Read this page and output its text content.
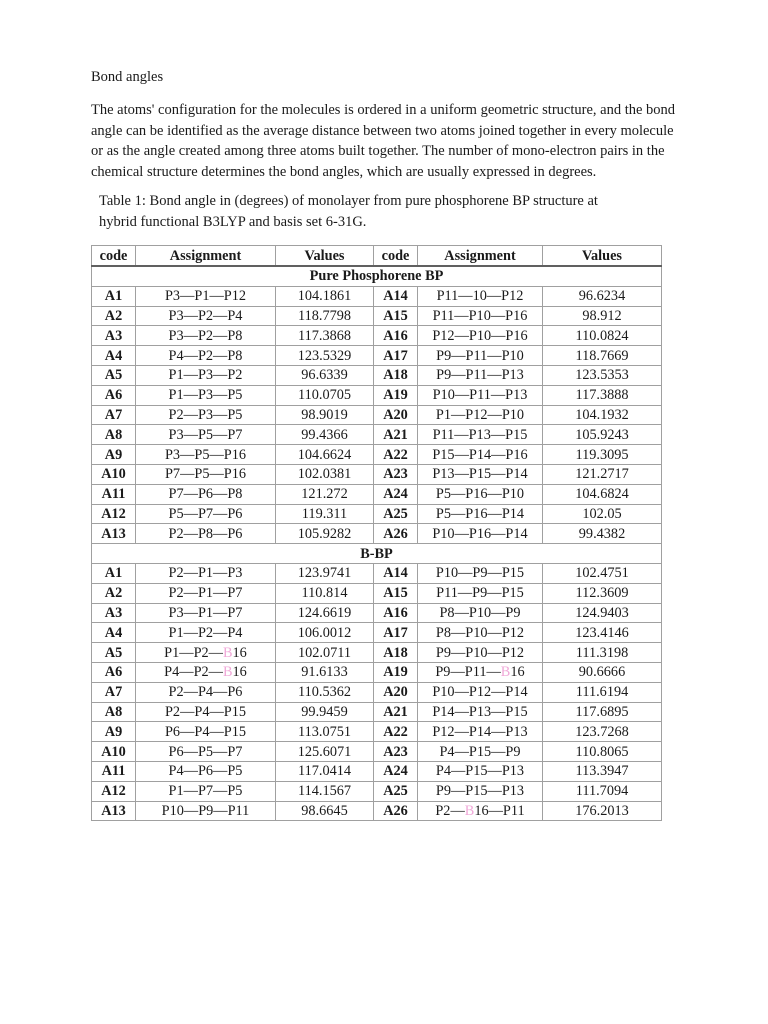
Bond angles

The atoms' configuration for the molecules is ordered in a uniform geometric structure, and the bond angle can be identified as the average distance between two atoms joined together in every molecule or as the angle created among three atoms built together. The number of mono-electron pairs in the chemical structure determines the bond angles, which are usually expressed in degrees.

Table 1: Bond angle in (degrees) of monolayer from pure phosphorene BP structure at hybrid functional B3LYP and basis set 6-31G.

code	Assignment	Values	code	Assignment	Values
Pure Phosphorene BP					
A1	P3—P1—P12	104.1861	A14	P11—10—P12	96.6234
A2	P3—P2—P4	118.7798	A15	P11—P10—P16	98.912
A3	P3—P2—P8	117.3868	A16	P12—P10—P16	110.0824
A4	P4—P2—P8	123.5329	A17	P9—P11—P10	118.7669
A5	P1—P3—P2	96.6339	A18	P9—P11—P13	123.5353
A6	P1—P3—P5	110.0705	A19	P10—P11—P13	117.3888
A7	P2—P3—P5	98.9019	A20	P1—P12—P10	104.1932
A8	P3—P5—P7	99.4366	A21	P11—P13—P15	105.9243
A9	P3—P5—P16	104.6624	A22	P15—P14—P16	119.3095
A10	P7—P5—P16	102.0381	A23	P13—P15—P14	121.2717
A11	P7—P6—P8	121.272	A24	P5—P16—P10	104.6824
A12	P5—P7—P6	119.311	A25	P5—P16—P14	102.05
A13	P2—P8—P6	105.9282	A26	P10—P16—P14	99.4382
B-BP					
A1	P2—P1—P3	123.9741	A14	P10—P9—P15	102.4751
A2	P2—P1—P7	110.814	A15	P11—P9—P15	112.3609
A3	P3—P1—P7	124.6619	A16	P8—P10—P9	124.9403
A4	P1—P2—P4	106.0012	A17	P8—P10—P12	123.4146
A5	P1—P2—B16	102.0711	A18	P9—P10—P12	111.3198
A6	P4—P2—B16	91.6133	A19	P9—P11—B16	90.6666
A7	P2—P4—P6	110.5362	A20	P10—P12—P14	111.6194
A8	P2—P4—P15	99.9459	A21	P14—P13—P15	117.6895
A9	P6—P4—P15	113.0751	A22	P12—P14—P13	123.7268
A10	P6—P5—P7	125.6071	A23	P4—P15—P9	110.8065
A11	P4—P6—P5	117.0414	A24	P4—P15—P13	113.3947
A12	P1—P7—P5	114.1567	A25	P9—P15—P13	111.7094
A13	P10—P9—P11	98.6645	A26	P2—B16—P11	176.2013
